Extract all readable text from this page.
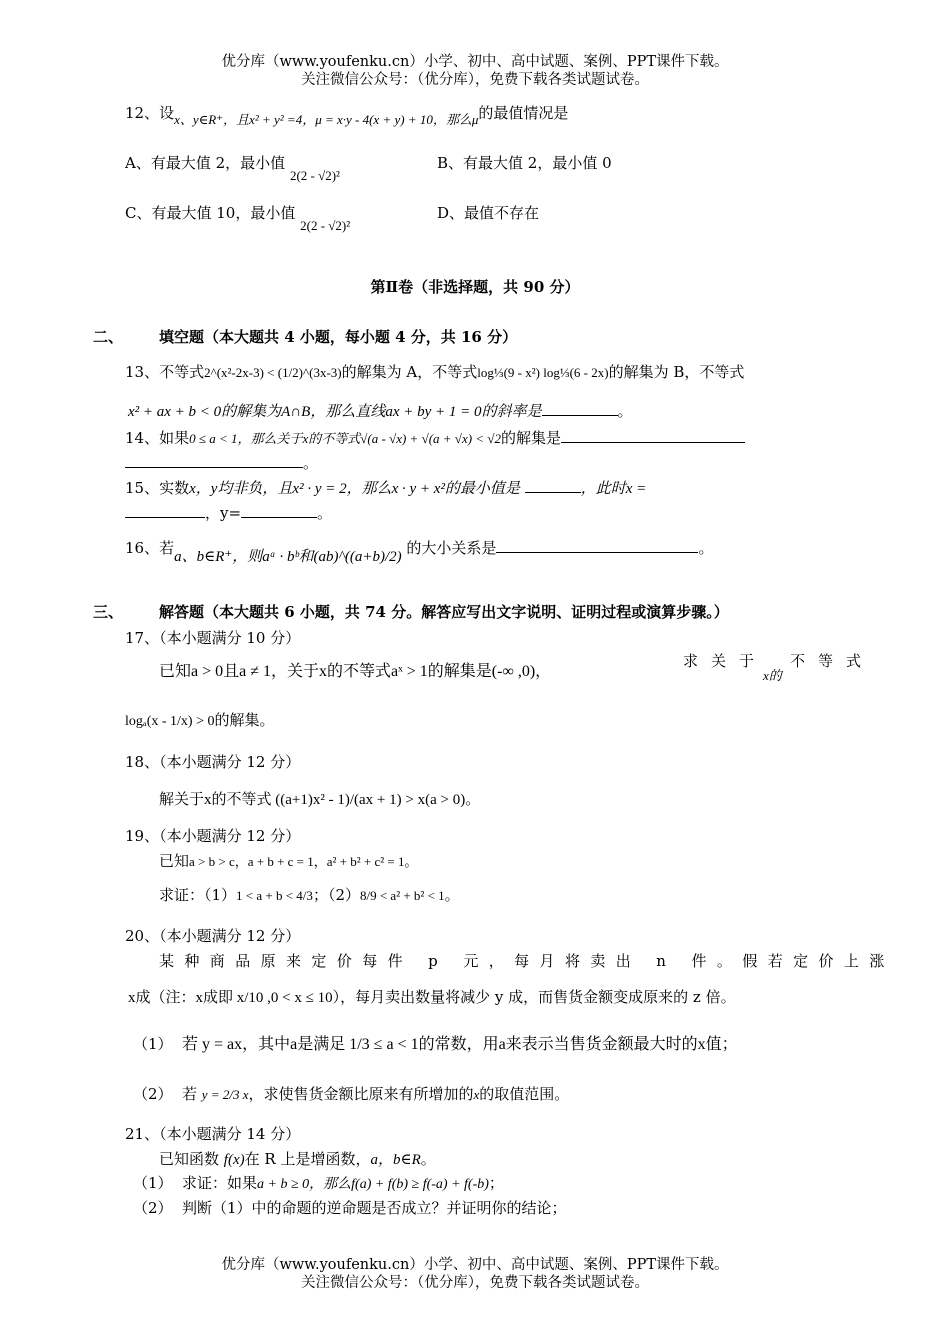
优分库（www.youfenku.cn）小学、初中、高中试题、案例、PPT课件下载。
关注微信公众号：（优分库），免费下载各类试题试卷。
12、设x、y∈R⁺，且x² + y² =4，μ = x·y - 4(x + y) + 10，那么μ的最值情况是
A、有最大值 2，最小值 2(2 - √2)²
B、有最大值 2，最小值 0
C、有最大值 10，最小值 2(2 - √2)²
D、最值不存在
第Ⅱ卷（非选择题，共 90 分）
二、 填空题（本大题共 4 小题，每小题 4 分，共 16 分）
13、不等式2^(x²-2x-3) < (1/2)^(3x-3)的解集为 A，不等式log⅓(9 - x²) log⅓(6 - 2x)的解集为 B，不等式
x² + ax + b < 0的解集为A∩B，那么直线ax + by + 1 = 0的斜率是	。
14、如果0 ≤ a < 1，那么关于x的不等式√(a - √x) + √(a + √x) < √2的解集是
。
15、实数x，y均非负，且x² · y = 2，那么x · y + x²的最小值是	，此时x =
，y=	。
16、若a、b∈R⁺，则aᵃ · bᵇ和(ab)^((a+b)/2) 的大小关系是	。
三、 解答题（本大题共 6 小题，共 74 分。解答应写出文字说明、证明过程或演算步骤。）
17、（本小题满分 10 分）
已知a > 0且a ≠ 1，关于x的不等式aˣ > 1的解集是(-∞ ,0)，
求关于
x的
不等式
logₐ(x - 1/x) > 0的解集。
18、（本小题满分 12 分）
解关于x的不等式 ((a+1)x² - 1)/(ax + 1) > x(a > 0)。
19、（本小题满分 12 分）
已知a > b > c，a + b + c = 1，a² + b² + c² = 1。
求证：（1）1 < a + b < 4/3；（2）8/9 < a² + b² < 1。
20、（本小题满分 12 分）
某种商品原来定价每件 p 元，每月将卖出 n 件。假若定价上涨
x成（注：x成即 x/10 ,0 < x ≤ 10），每月卖出数量将减少 y 成，而售货金额变成原来的 z 倍。
（1） 若 y = ax，其中a是满足 1/3 ≤ a < 1的常数，用a来表示当售货金额最大时的x值；
（2） 若 y = 2/3 x，求使售货金额比原来有所增加的x的取值范围。
21、（本小题满分 14 分）
已知函数 f(x)在 R 上是增函数，a，b∈R。
（1） 求证：如果a + b ≥ 0，那么f(a) + f(b) ≥ f(-a) + f(-b)；
（2） 判断（1）中的命题的逆命题是否成立？并证明你的结论；
优分库（www.youfenku.cn）小学、初中、高中试题、案例、PPT课件下载。
关注微信公众号：（优分库），免费下载各类试题试卷。
